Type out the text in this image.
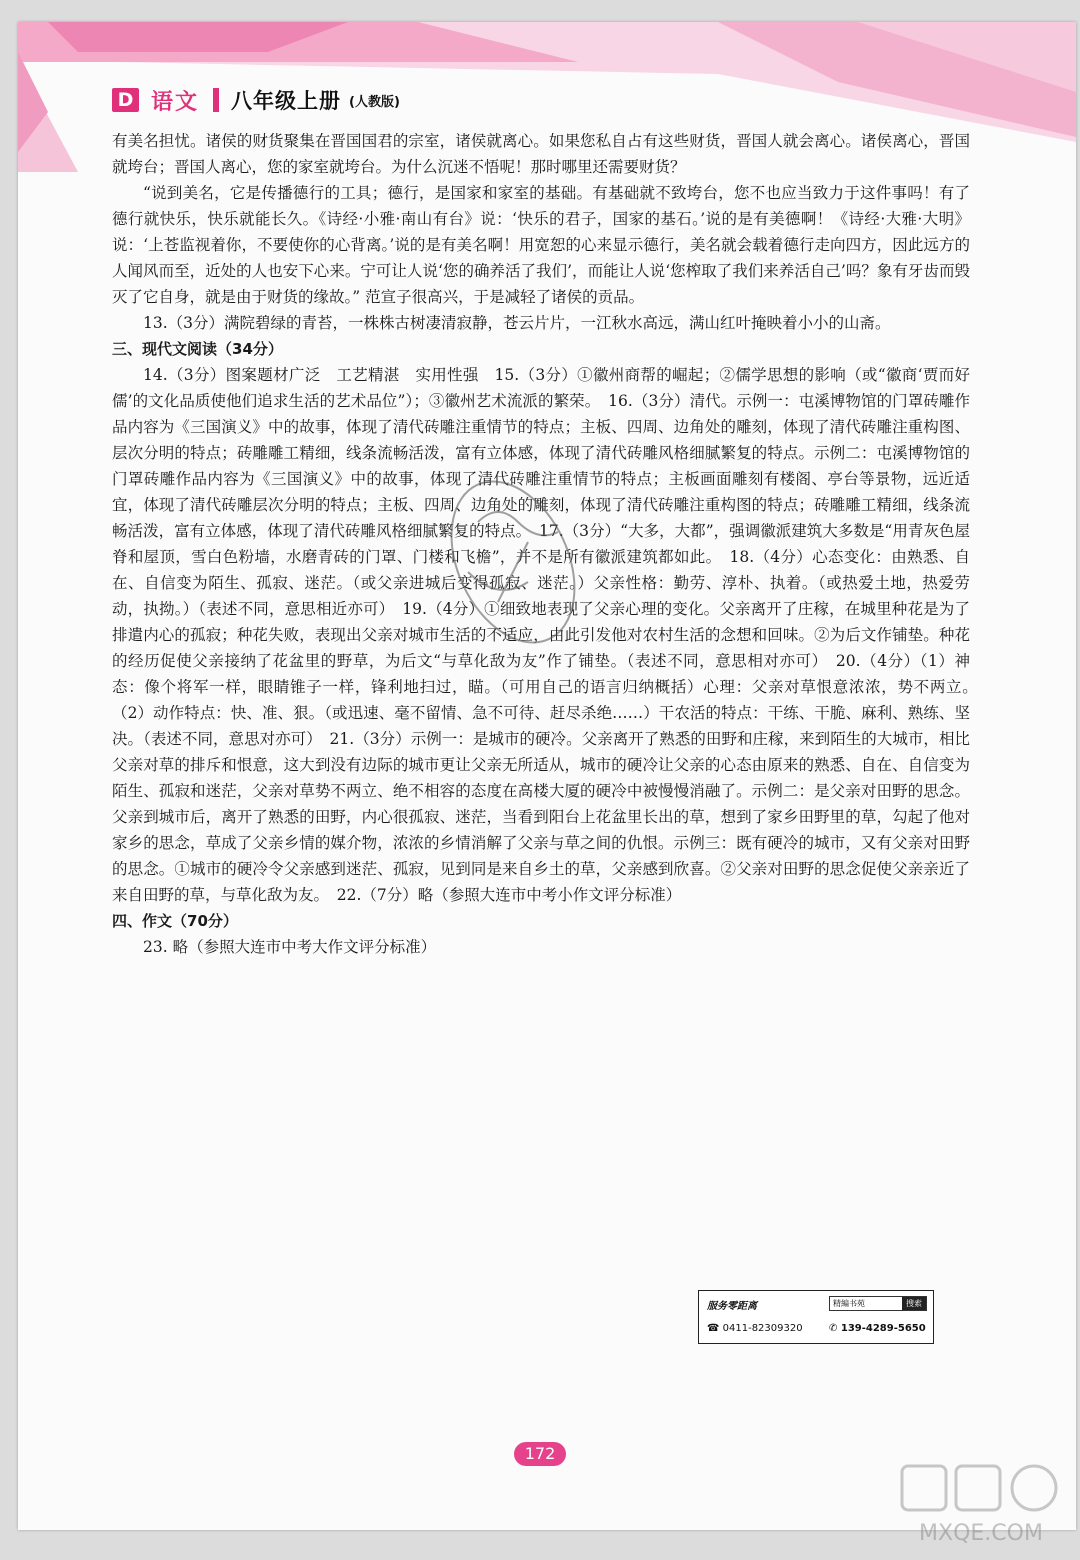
D 语文 八年级上册 (人教版)

有美名担忧。诸侯的财货聚集在晋国国君的宗室，诸侯就离心。如果您私自占有这些财货，晋国人就会离心。诸侯离心，晋国就垮台；晋国人离心，您的家室就垮台。为什么沉迷不悟呢！那时哪里还需要财货？

“说到美名，它是传播德行的工具；德行，是国家和家室的基础。有基础就不致垮台，您不也应当致力于这件事吗！有了德行就快乐，快乐就能长久。《诗经·小雅·南山有台》说：‘快乐的君子，国家的基石。’说的是有美德啊！《诗经·大雅·大明》说：‘上苍监视着你，不要使你的心背离。’说的是有美名啊！用宽恕的心来显示德行，美名就会载着德行走向四方，因此远方的人闻风而至，近处的人也安下心来。宁可让人说‘您的确养活了我们’，而能让人说‘您榨取了我们来养活自己’吗？象有牙齿而毁灭了它自身，就是由于财货的缘故。” 范宣子很高兴，于是减轻了诸侯的贡品。

13.（3分）满院碧绿的青苔，一株株古树凄清寂静，苍云片片，一江秋水高远，满山红叶掩映着小小的山斋。

三、现代文阅读（34分）

14.（3分）图案题材广泛　工艺精湛　实用性强　15.（3分）①徽州商帮的崛起；②儒学思想的影响（或“徽商‘贾而好儒’的文化品质使他们追求生活的艺术品位”）；③徽州艺术流派的繁荣。　16.（3分）清代。示例一：屯溪博物馆的门罩砖雕作品内容为《三国演义》中的故事，体现了清代砖雕注重情节的特点；主板、四周、边角处的雕刻，体现了清代砖雕注重构图、层次分明的特点；砖雕雕工精细，线条流畅活泼，富有立体感，体现了清代砖雕风格细腻繁复的特点。示例二：屯溪博物馆的门罩砖雕作品内容为《三国演义》中的故事，体现了清代砖雕注重情节的特点；主板画面雕刻有楼阁、亭台等景物，远近适宜，体现了清代砖雕层次分明的特点；主板、四周、边角处的雕刻，体现了清代砖雕注重构图的特点；砖雕雕工精细，线条流畅活泼，富有立体感，体现了清代砖雕风格细腻繁复的特点。　17.（3分）“大多，大都”，强调徽派建筑大多数是“用青灰色屋脊和屋顶，雪白色粉墙，水磨青砖的门罩、门楼和飞檐”，并不是所有徽派建筑都如此。　18.（4分）心态变化：由熟悉、自在、自信变为陌生、孤寂、迷茫。（或父亲进城后变得孤寂、迷茫。）父亲性格：勤劳、淳朴、执着。（或热爱土地，热爱劳动，执拗。）（表述不同，意思相近亦可）　19.（4分）①细致地表现了父亲心理的变化。父亲离开了庄稼，在城里种花是为了排遣内心的孤寂；种花失败，表现出父亲对城市生活的不适应，由此引发他对农村生活的念想和回味。②为后文作铺垫。种花的经历促使父亲接纳了花盆里的野草，为后文“与草化敌为友”作了铺垫。（表述不同，意思相对亦可）　20.（4分）（1）神态：像个将军一样，眼睛锥子一样，锋利地扫过，瞄。（可用自己的语言归纳概括）心理：父亲对草恨意浓浓，势不两立。　（2）动作特点：快、准、狠。（或迅速、毫不留情、急不可待、赶尽杀绝……）干农活的特点：干练、干脆、麻利、熟练、坚决。（表述不同，意思对亦可）　21.（3分）示例一：是城市的硬冷。父亲离开了熟悉的田野和庄稼，来到陌生的大城市，相比父亲对草的排斥和恨意，这大到没有边际的城市更让父亲无所适从，城市的硬冷让父亲的心态由原来的熟悉、自在、自信变为陌生、孤寂和迷茫，父亲对草势不两立、绝不相容的态度在高楼大厦的硬冷中被慢慢消融了。示例二：是父亲对田野的思念。父亲到城市后，离开了熟悉的田野，内心很孤寂、迷茫，当看到阳台上花盆里长出的草，想到了家乡田野里的草，勾起了他对家乡的思念，草成了父亲乡情的媒介物，浓浓的乡情消解了父亲与草之间的仇恨。示例三：既有硬冷的城市，又有父亲对田野的思念。①城市的硬冷令父亲感到迷茫、孤寂，见到同是来自乡土的草，父亲感到欣喜。②父亲对田野的思念促使父亲亲近了来自田野的草，与草化敌为友。　22.（7分）略（参照大连市中考小作文评分标准）

四、作文（70分）

23. 略（参照大连市中考大作文评分标准）

服务零距离	精編书苑	搜索
☎ 0411-82309320	✆ 139-4289-5650
172
MXQE.COM
